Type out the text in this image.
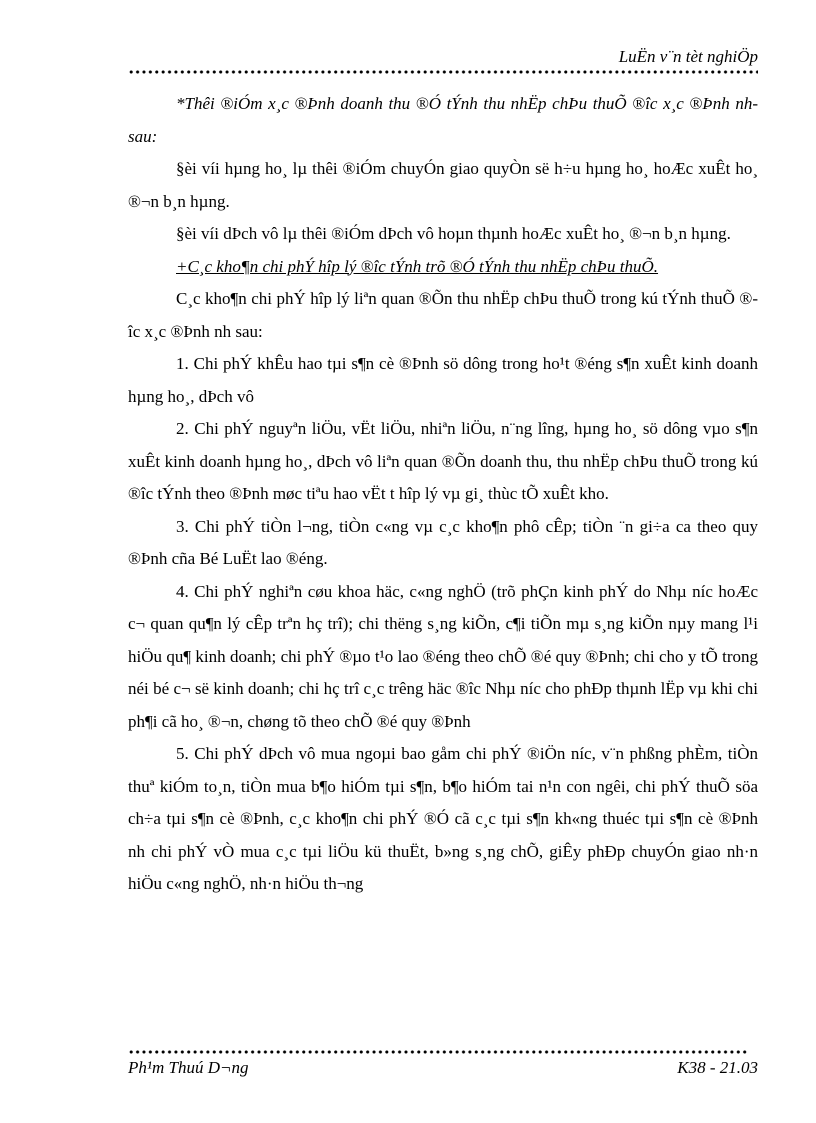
LuËn v¨n tèt nghiÖp

*Thêi ®iÓm x¸c ®Þnh doanh thu ®Ó tÝnh thu nhËp chÞu thuÕ ®îc x¸c ®Þnh nh sau:

§èi víi hµng ho¸ lµ thêi ®iÓm chuyÓn giao quyÒn së h÷u hµng ho¸ hoÆc xuÊt ho¸ ®¬n b¸n hµng.

§èi víi dÞch vô lµ thêi ®iÓm dÞch vô hoµn thµnh hoÆc xuÊt ho¸ ®¬n b¸n hµng.

+C¸c kho¶n chi phÝ hîp lý ®îc tÝnh trõ ®Ó tÝnh thu nhËp chÞu thuÕ.

C¸c kho¶n chi phÝ hîp lý liªn quan ®Õn thu nhËp chÞu thuÕ trong kú tÝnh thuÕ ®îc x¸c ®Þnh nh sau:

1. Chi phÝ khÊu hao tµi s¶n cè ®Þnh sö dông trong ho¹t ®éng s¶n xuÊt kinh doanh hµng ho¸, dÞch vô

2. Chi phÝ nguyªn liÖu, vËt liÖu, nhiªn liÖu, n¨ng lîng, hµng ho¸ sö dông vµo s¶n xuÊt kinh doanh hµng ho¸, dÞch vô liªn quan ®Õn doanh thu, thu nhËp chÞu thuÕ trong kú ®îc tÝnh theo ®Þnh møc tiªu hao vËt t hîp lý vµ gi¸ thùc tÕ xuÊt kho.

3. Chi phÝ tiÒn l¬ng, tiÒn c«ng vµ c¸c kho¶n phô cÊp; tiÒn ¨n gi÷a ca theo quy ®Þnh cña Bé LuËt lao ®éng.

4. Chi phÝ nghiªn cøu khoa häc, c«ng nghÖ (trõ phÇn kinh phÝ do Nhµ níc hoÆc c¬ quan qu¶n lý cÊp trªn hç trî); chi thëng s¸ng kiÕn, c¶i tiÕn mµ s¸ng kiÕn nµy mang l¹i hiÖu qu¶ kinh doanh; chi phÝ ®µo t¹o lao ®éng theo chÕ ®é quy ®Þnh; chi cho y tÕ trong néi bé c¬ së kinh doanh; chi hç trî c¸c trêng häc ®îc Nhµ níc cho phÐp thµnh lËp vµ khi chi ph¶i cã ho¸ ®¬n, chøng tõ theo chÕ ®é quy ®Þnh

5. Chi phÝ dÞch vô mua ngoµi bao gåm chi phÝ ®iÖn níc, v¨n phßng phÈm, tiÒn thuª kiÓm to¸n, tiÒn mua b¶o hiÓm tµi s¶n, b¶o hiÓm tai n¹n con ngêi, chi phÝ thuÕ söa ch÷a tµi s¶n cè ®Þnh, c¸c kho¶n chi phÝ ®Ó cã c¸c tµi s¶n kh«ng thuéc tµi s¶n cè ®Þnh nh chi phÝ vÒ mua c¸c tµi liÖu kü thuËt, b»ng s¸ng chÕ, giÊy phÐp chuyÓn giao nh·n hiÖu c«ng nghÖ, nh·n hiÖu th¬ng

Ph¹m Thuú D¬ng	K38 - 21.03
